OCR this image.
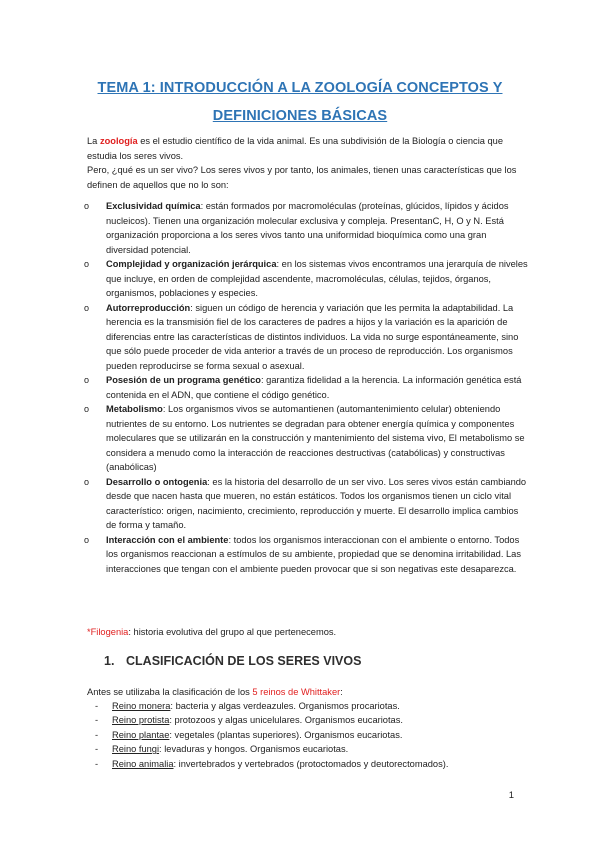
TEMA 1: INTRODUCCIÓN A LA ZOOLOGÍA CONCEPTOS Y
DEFINICIONES BÁSICAS
La zoología es el estudio científico de la vida animal. Es una subdivisión de la Biología o ciencia que estudia los seres vivos.
Pero, ¿qué es un ser vivo? Los seres vivos y por tanto, los animales, tienen unas características que los definen de aquellos que no lo son:
o Exclusividad química: están formados por macromoléculas (proteínas, glúcidos, lípidos y ácidos nucleicos). Tienen una organización molecular exclusiva y compleja. PresentanC, H, O y N. Está organización proporciona a los seres vivos tanto una uniformidad bioquímica como una gran diversidad potencial.
o Complejidad y organización jerárquica: en los sistemas vivos encontramos una jerarquía de niveles que incluye, en orden de complejidad ascendente, macromoléculas, células, tejidos, órganos, organismos, poblaciones y especies.
o Autorreproducción: siguen un código de herencia y variación que les permita la adaptabilidad. La herencia es la transmisión fiel de los caracteres de padres a hijos y la variación es la aparición de diferencias entre las características de distintos individuos. La vida no surge espontáneamente, sino que sólo puede proceder de vida anterior a través de un proceso de reproducción. Los organismos pueden reproducirse se forma sexual o asexual.
o Posesión de un programa genético: garantiza fidelidad a la herencia. La información genética está contenida en el ADN, que contiene el código genético.
o Metabolismo: Los organismos vivos se automantienen (automantenimiento celular) obteniendo nutrientes de su entorno. Los nutrientes se degradan para obtener energía química y componentes moleculares que se utilizarán en la construcción y mantenimiento del sistema vivo, El metabolismo se considera a menudo como la interacción de reacciones destructivas (catabólicas) y constructivas (anabólicas)
o Desarrollo o ontogenia: es la historia del desarrollo de un ser vivo. Los seres vivos están cambiando desde que nacen hasta que mueren, no están estáticos. Todos los organismos tienen un ciclo vital característico: origen, nacimiento, crecimiento, reproducción y muerte. El desarrollo implica cambios de forma y tamaño.
o Interacción con el ambiente: todos los organismos interaccionan con el ambiente o entorno. Todos los organismos reaccionan a estímulos de su ambiente, propiedad que se denomina irritabilidad. Las interacciones que tengan con el ambiente pueden provocar que si son negativas este desaparezca.
*Filogenia: historia evolutiva del grupo al que pertenecemos.
1. CLASIFICACIÓN DE LOS SERES VIVOS
Antes se utilizaba la clasificación de los 5 reinos de Whittaker:
- Reino monera: bacteria y algas verdeazules. Organismos procariotas.
- Reino protista: protozoos y algas unicelulares. Organismos eucariotas.
- Reino plantae: vegetales (plantas superiores). Organismos eucariotas.
- Reino fungi: levaduras y hongos. Organismos eucariotas.
- Reino animalia: invertebrados y vertebrados (protoctomados y deutorectomados).
1
